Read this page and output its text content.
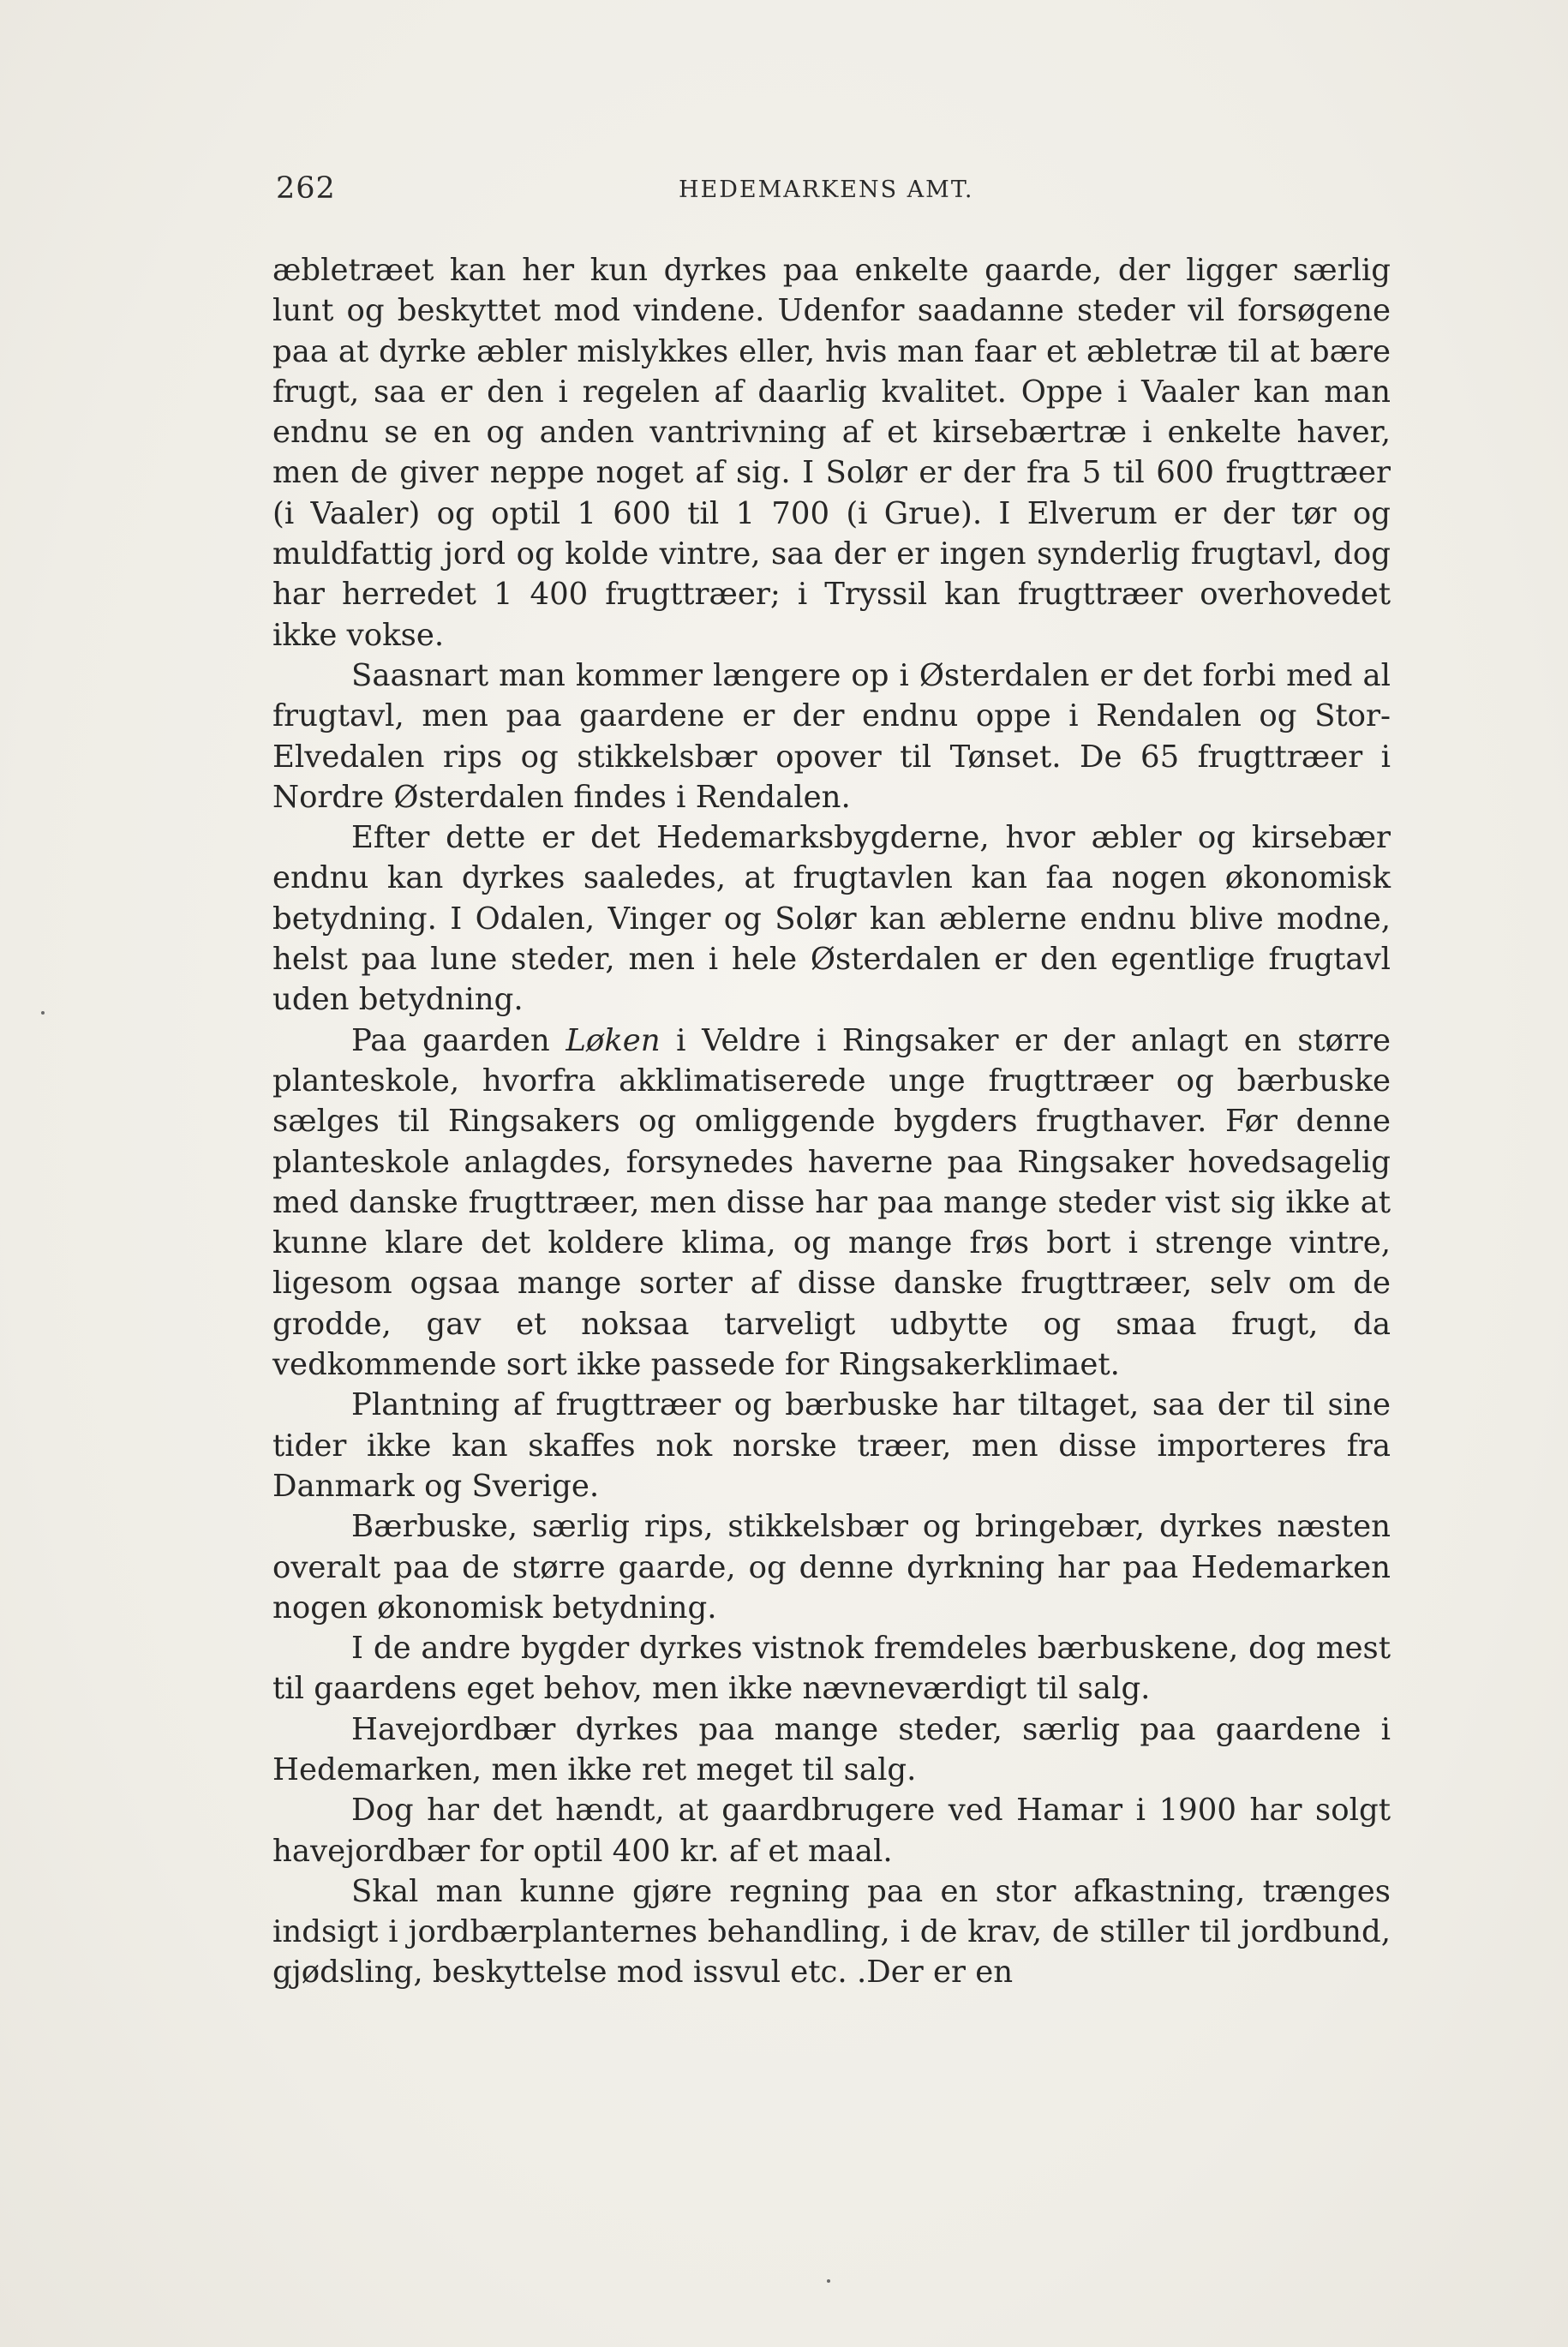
262	HEDEMARKENS AMT.

æbletræet kan her kun dyrkes paa enkelte gaarde, der ligger særlig lunt og beskyttet mod vindene. Udenfor saadanne steder vil forsøgene paa at dyrke æbler mislykkes eller, hvis man faar et æbletræ til at bære frugt, saa er den i regelen af daarlig kvalitet. Oppe i Vaaler kan man endnu se en og anden vantrivning af et kirsebærtræ i enkelte haver, men de giver neppe noget af sig. I Solør er der fra 5 til 600 frugttræer (i Vaaler) og optil 1 600 til 1 700 (i Grue). I Elverum er der tør og muldfattig jord og kolde vintre, saa der er ingen synderlig frugtavl, dog har herredet 1 400 frugttræer; i Tryssil kan frugttræer overhovedet ikke vokse.

Saasnart man kommer længere op i Østerdalen er det forbi med al frugtavl, men paa gaardene er der endnu oppe i Rendalen og Stor-Elvedalen rips og stikkelsbær opover til Tønset. De 65 frugttræer i Nordre Østerdalen findes i Rendalen.

Efter dette er det Hedemarksbygderne, hvor æbler og kirsebær endnu kan dyrkes saaledes, at frugtavlen kan faa nogen økonomisk betydning. I Odalen, Vinger og Solør kan æblerne endnu blive modne, helst paa lune steder, men i hele Østerdalen er den egentlige frugtavl uden betydning.

Paa gaarden Løken i Veldre i Ringsaker er der anlagt en større planteskole, hvorfra akklimatiserede unge frugttræer og bærbuske sælges til Ringsakers og omliggende bygders frugthaver. Før denne planteskole anlagdes, forsynedes haverne paa Ringsaker hovedsagelig med danske frugttræer, men disse har paa mange steder vist sig ikke at kunne klare det koldere klima, og mange frøs bort i strenge vintre, ligesom ogsaa mange sorter af disse danske frugttræer, selv om de grodde, gav et noksaa tarveligt udbytte og smaa frugt, da vedkommende sort ikke passede for Ringsakerklimaet.

Plantning af frugttræer og bærbuske har tiltaget, saa der til sine tider ikke kan skaffes nok norske træer, men disse importeres fra Danmark og Sverige.

Bærbuske, særlig rips, stikkelsbær og bringebær, dyrkes næsten overalt paa de større gaarde, og denne dyrkning har paa Hedemarken nogen økonomisk betydning.

I de andre bygder dyrkes vistnok fremdeles bærbuskene, dog mest til gaardens eget behov, men ikke nævneværdigt til salg.

Havejordbær dyrkes paa mange steder, særlig paa gaardene i Hedemarken, men ikke ret meget til salg.

Dog har det hændt, at gaardbrugere ved Hamar i 1900 har solgt havejordbær for optil 400 kr. af et maal.

Skal man kunne gjøre regning paa en stor afkastning, trænges indsigt i jordbærplanternes behandling, i de krav, de stiller til jordbund, gjødsling, beskyttelse mod issvul etc. .Der er en
